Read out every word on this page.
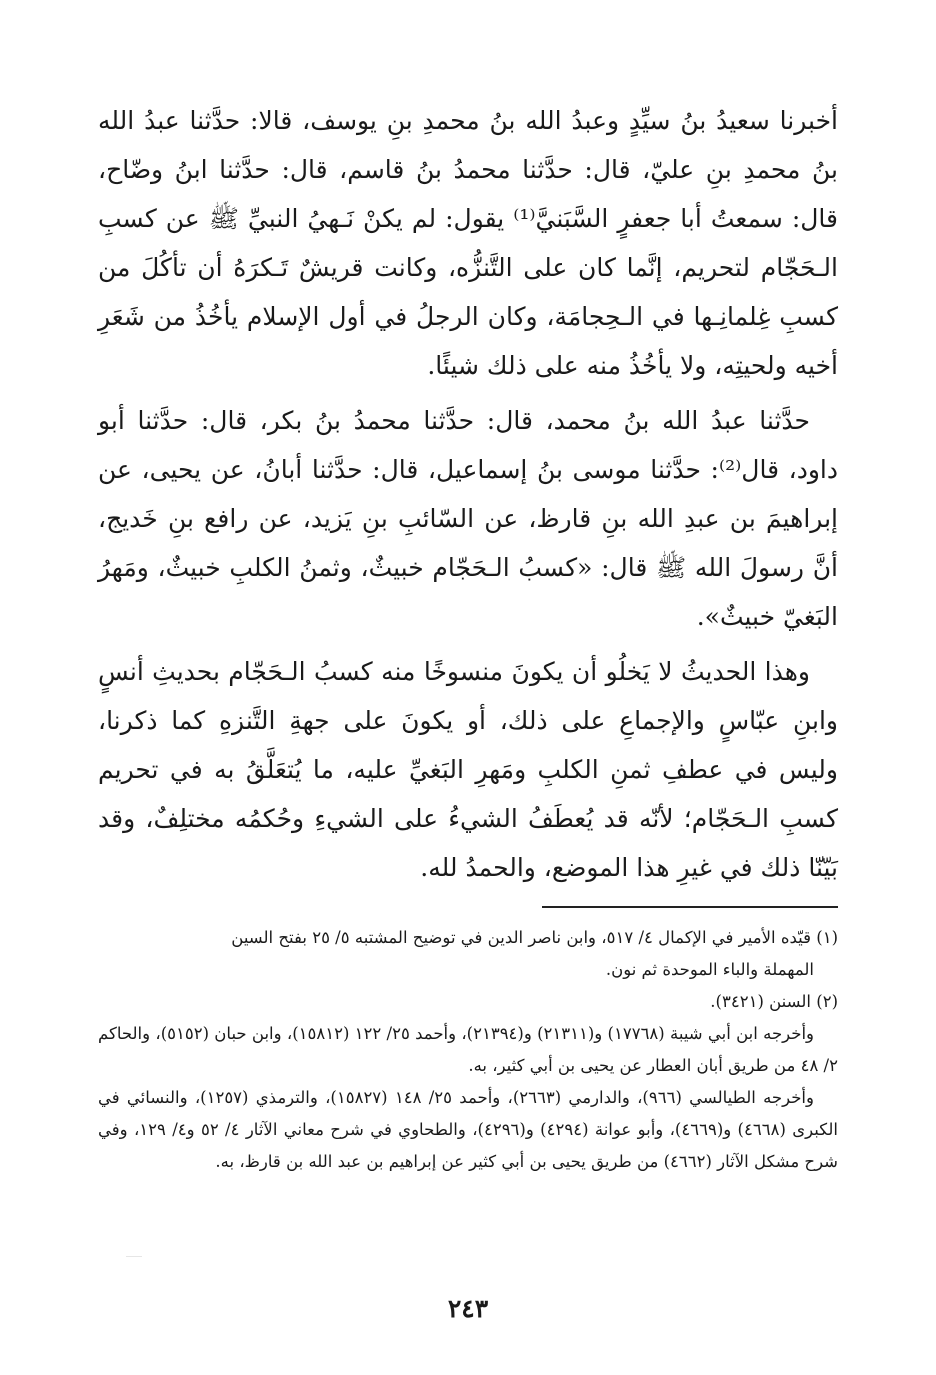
أخبرنا سعيدُ بنُ سيِّدٍ وعبدُ الله بنُ محمدِ بنِ يوسف، قالا: حدَّثنا عبدُ الله بنُ محمدِ بنِ عليّ، قال: حدَّثنا محمدُ بنُ قاسم، قال: حدَّثنا ابنُ وضّاح، قال: سمعتُ أبا جعفرٍ السَّبَنيَّ⁽¹⁾ يقول: لم يكنْ نَـهيُ النبيِّ ﷺ عن كسبِ الـحَجّام لتحريم، إنَّما كان على التَّنزُّه، وكانت قريشٌ تَـكرَهُ أن تأكُلَ من كسبِ غِلمانِـها في الـحِجامَة، وكان الرجلُ في أول الإسلام يأخُذُ من شَعَرِ أخيه ولحيتِه، ولا يأخُذُ منه على ذلك شيئًا.

حدَّثنا عبدُ الله بنُ محمد، قال: حدَّثنا محمدُ بنُ بكر، قال: حدَّثنا أبو داود، قال⁽²⁾: حدَّثنا موسى بنُ إسماعيل، قال: حدَّثنا أبانُ، عن يحيى، عن إبراهيمَ بن عبدِ الله بنِ قارظ، عن السّائبِ بنِ يَزيد، عن رافع بنِ خَديج، أنَّ رسولَ الله ﷺ قال: «كسبُ الـحَجّام خبيثٌ، وثمنُ الكلبِ خبيثٌ، ومَهرُ البَغيّ خبيثٌ».

وهذا الحديثُ لا يَخلُو أن يكونَ منسوخًا منه كسبُ الـحَجّام بحديثِ أنسٍ وابنِ عبّاسٍ والإجماعِ على ذلك، أو يكونَ على جهةِ التَّنزهِ كما ذكرنا، وليس في عطفِ ثمنِ الكلبِ ومَهرِ البَغيِّ عليه، ما يُتعَلَّقُ به في تحريم كسبِ الـحَجّام؛ لأنّه قد يُعطَفُ الشيءُ على الشيءِ وحُكمُه مختلِفٌ، وقد بَيّنّا ذلك في غيرِ هذا الموضع، والحمدُ لله.

(١) قيّده الأمير في الإكمال ٤/ ٥١٧، وابن ناصر الدين في توضيح المشتبه ٥/ ٢٥ بفتح السين

المهملة والباء الموحدة ثم نون.

(٢) السنن (٣٤٢١).

وأخرجه ابن أبي شيبة (١٧٧٦٨) و(٢١٣١١) و(٢١٣٩٤)، وأحمد ٢٥/ ١٢٢ (١٥٨١٢)، وابن حبان (٥١٥٢)، والحاكم ٢/ ٤٨ من طريق أبان العطار عن يحيى بن أبي كثير، به.

وأخرجه الطيالسي (٩٦٦)، والدارمي (٢٦٦٣)، وأحمد ٢٥/ ١٤٨ (١٥٨٢٧)، والترمذي (١٢٥٧)، والنسائي في الكبرى (٤٦٦٨) و(٤٦٦٩)، وأبو عوانة (٤٢٩٤) و(٤٢٩٦)، والطحاوي في شرح معاني الآثار ٤/ ٥٢ و٤/ ١٢٩، وفي شرح مشكل الآثار (٤٦٦٢) من طريق يحيى بن أبي كثير عن إبراهيم بن عبد الله بن قارظ، به.

٢٤٣
